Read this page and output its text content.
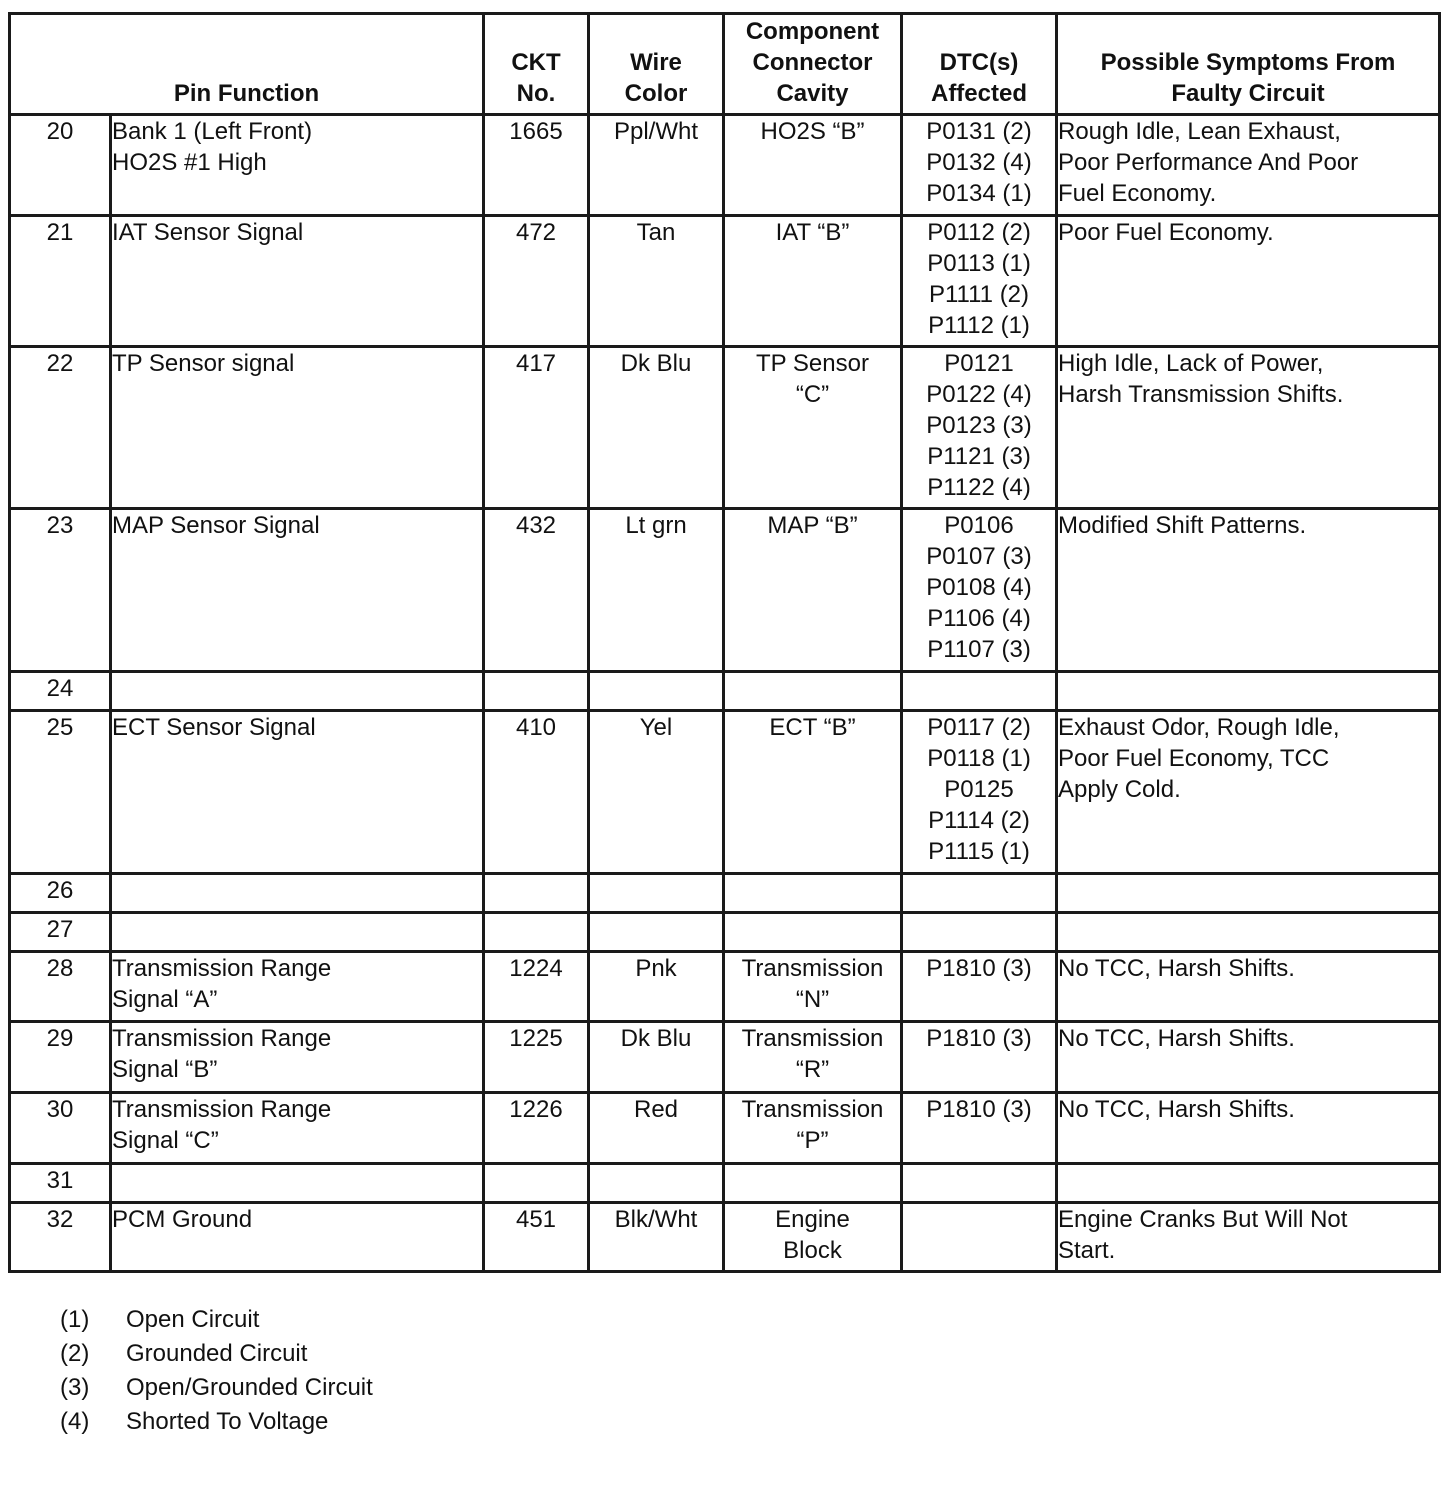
Pin Function		CKT
No.	Wire
Color	Component
Connector
Cavity	DTC(s)
Affected	Possible Symptoms From
Faulty Circuit

20	Bank 1 (Left Front)
HO2S #1 High	1665	Ppl/Wht	HO2S “B”	P0131 (2)
P0132 (4)
P0134 (1)	Rough Idle, Lean Exhaust,
Poor Performance And Poor
Fuel Economy.

21	IAT Sensor Signal	472	Tan	IAT “B”	P0112 (2)
P0113 (1)
P1111 (2)
P1112 (1)	Poor Fuel Economy.

22	TP Sensor signal	417	Dk Blu	TP Sensor
“C”	P0121
P0122 (4)
P0123 (3)
P1121 (3)
P1122 (4)	High Idle, Lack of Power,
Harsh Transmission Shifts.

23	MAP Sensor Signal	432	Lt grn	MAP “B”	P0106
P0107 (3)
P0108 (4)
P1106 (4)
P1107 (3)	Modified Shift Patterns.

24						
25	ECT Sensor Signal	410	Yel	ECT “B”	P0117 (2)
P0118 (1)
P0125
P1114 (2)
P1115 (1)	Exhaust Odor, Rough Idle,
Poor Fuel Economy, TCC
Apply Cold.

26						
27						
28	Transmission Range
Signal “A”	1224	Pnk	Transmission
“N”	P1810 (3)	No TCC, Harsh Shifts.

29	Transmission Range
Signal “B”	1225	Dk Blu	Transmission
“R”	P1810 (3)	No TCC, Harsh Shifts.

30	Transmission Range
Signal “C”	1226	Red	Transmission
“P”	P1810 (3)	No TCC, Harsh Shifts.

31						
32	PCM Ground	451	Blk/Wht	Engine
Block		Engine Cranks But Will Not
Start.
(1) Open Circuit
(2) Grounded Circuit
(3) Open/Grounded Circuit
(4) Shorted To Voltage
